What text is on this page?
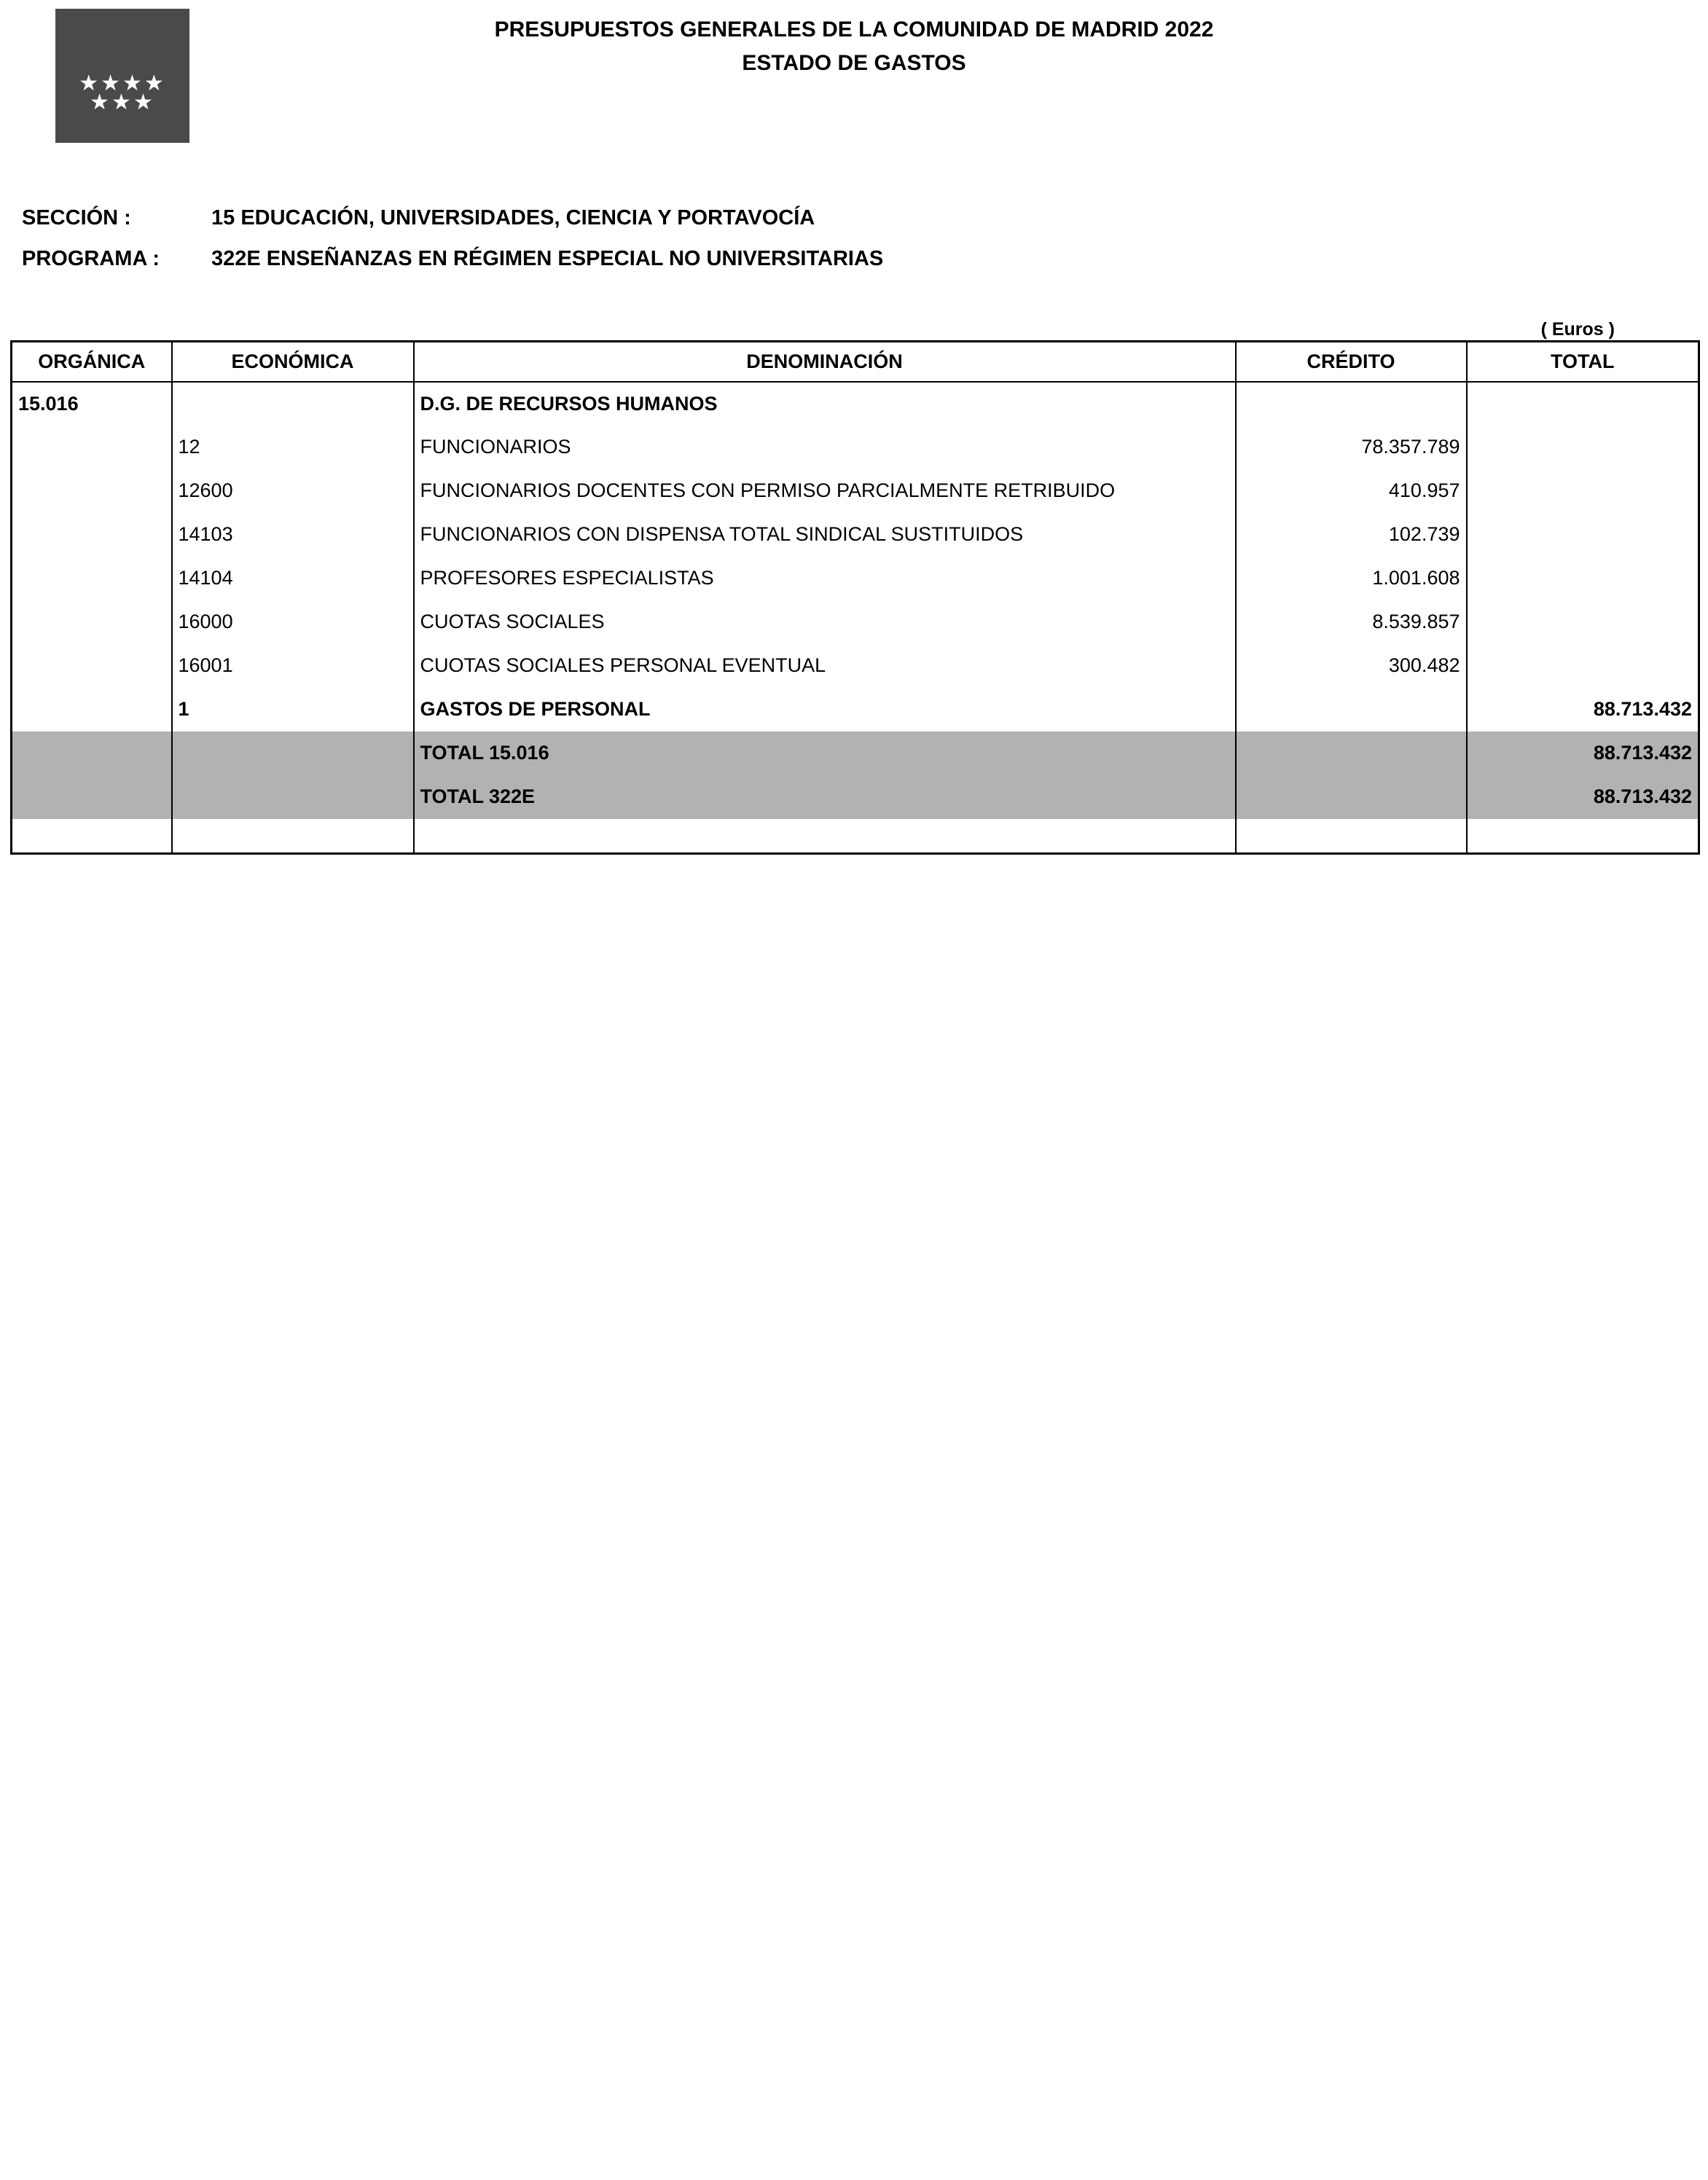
★★★★
★★★
PRESUPUESTOS GENERALES DE LA COMUNIDAD DE MADRID 2022
ESTADO DE GASTOS
SECCIÓN :	15 EDUCACIÓN, UNIVERSIDADES, CIENCIA Y PORTAVOCÍA
PROGRAMA :	322E ENSEÑANZAS EN RÉGIMEN ESPECIAL NO UNIVERSITARIAS
( Euros )
ORGÁNICA	ECONÓMICA	DENOMINACIÓN	CRÉDITO	TOTAL
15.016		D.G. DE RECURSOS HUMANOS		
	12	FUNCIONARIOS	78.357.789	
	12600	FUNCIONARIOS DOCENTES CON PERMISO PARCIALMENTE RETRIBUIDO	410.957	
	14103	FUNCIONARIOS CON DISPENSA TOTAL SINDICAL SUSTITUIDOS	102.739	
	14104	PROFESORES ESPECIALISTAS	1.001.608	
	16000	CUOTAS SOCIALES	8.539.857	
	16001	CUOTAS SOCIALES PERSONAL EVENTUAL	300.482	
	1	GASTOS DE PERSONAL		88.713.432
		TOTAL 15.016		88.713.432
		TOTAL 322E		88.713.432
